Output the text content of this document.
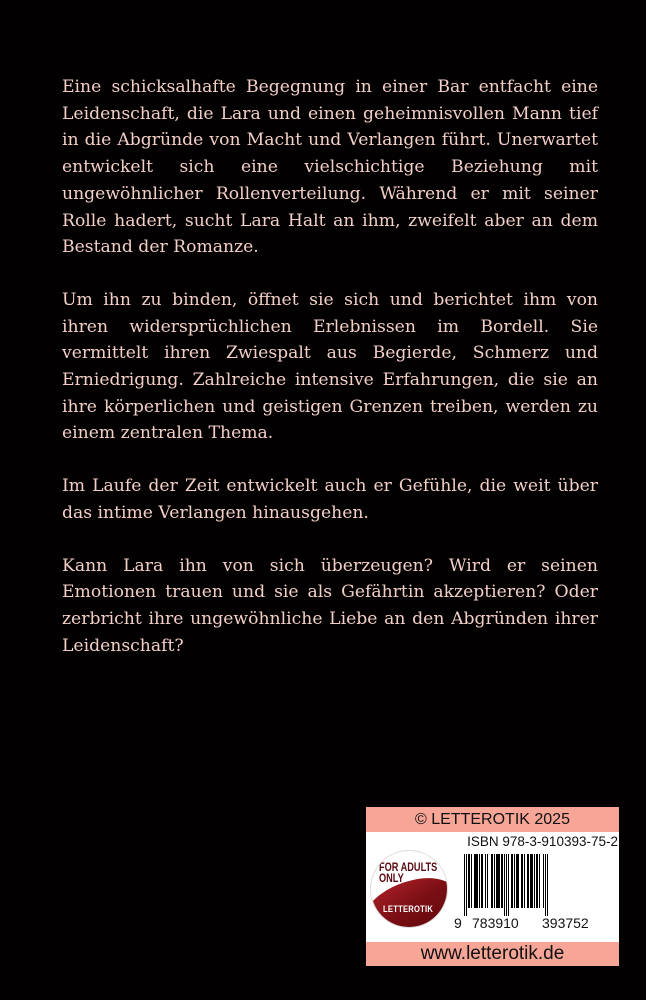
Eine schicksalhafte Begegnung in einer Bar entfacht eine Leidenschaft, die Lara und einen geheimnisvollen Mann tief in die Abgründe von Macht und Verlangen führt. Unerwartet entwickelt sich eine vielschichtige Beziehung mit ungewöhnlicher Rollenverteilung. Während er mit seiner Rolle hadert, sucht Lara Halt an ihm, zweifelt aber an dem Bestand der Romanze.

Um ihn zu binden, öffnet sie sich und berichtet ihm von ihren widersprüchlichen Erlebnissen im Bordell. Sie vermittelt ihren Zwiespalt aus Begierde, Schmerz und Erniedrigung. Zahlreiche intensive Erfahrungen, die sie an ihre körperlichen und geistigen Grenzen treiben, werden zu einem zentralen Thema.

Im Laufe der Zeit entwickelt auch er Gefühle, die weit über das intime Verlangen hinausgehen.

Kann Lara ihn von sich überzeugen? Wird er seinen Emotionen trauen und sie als Gefährtin akzeptieren? Oder zerbricht ihre ungewöhnliche Liebe an den Abgründen ihrer Leidenschaft?

© LETTEROTIK 2025
ISBN 978-3-910393-75-2
FOR ADULTS
ONLY
LETTEROTIK
9 783910 393752
www.letterotik.de
